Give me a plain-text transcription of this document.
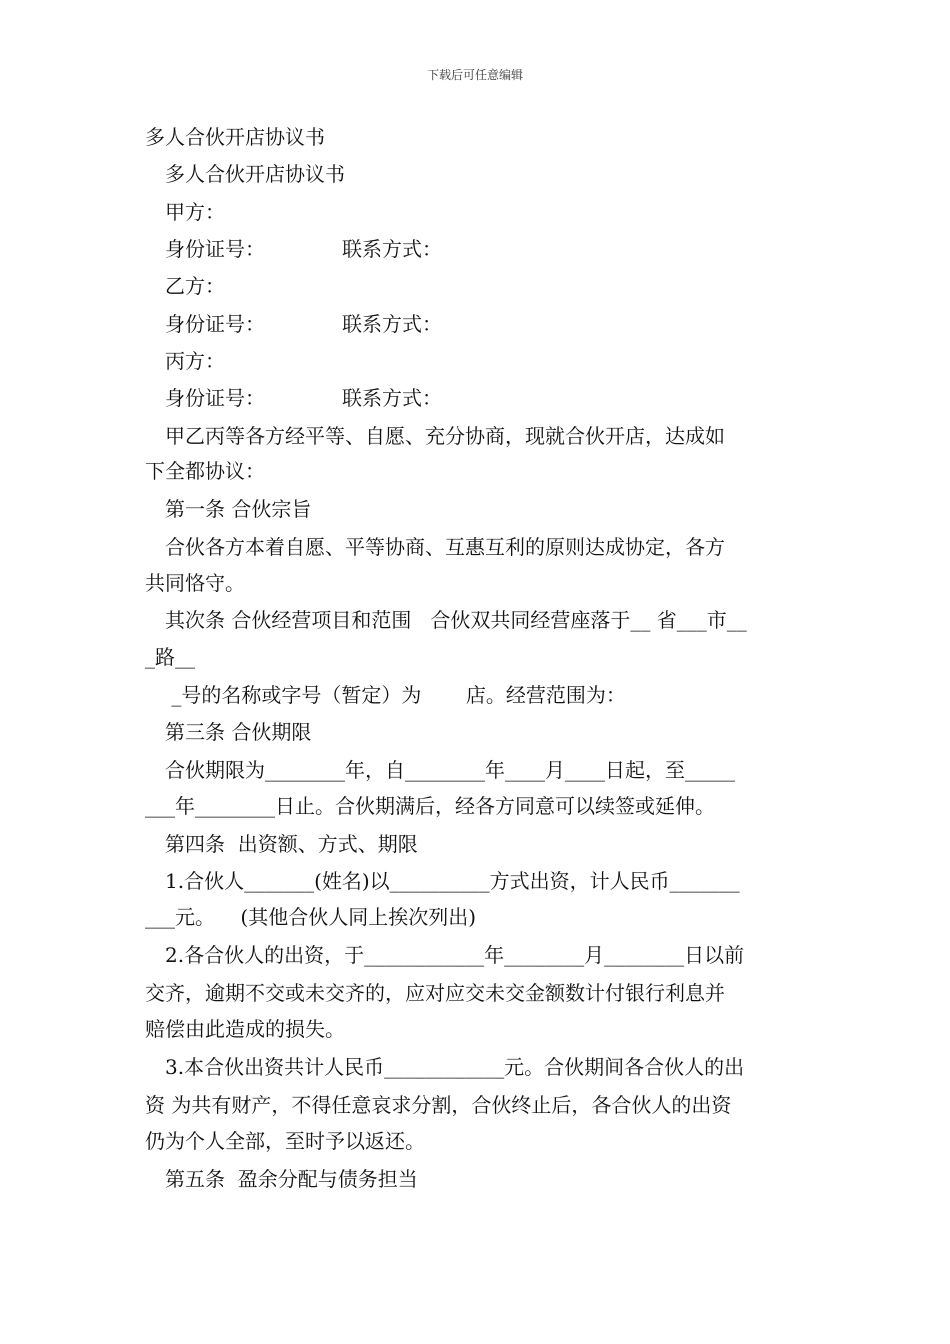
下载后可任意编辑
多人合伙开店协议书
多人合伙开店协议书
甲方：
身份证号：	联系方式：
乙方：
身份证号：	联系方式：
丙方：
身份证号：	联系方式：
甲乙丙等各方经平等、自愿、充分协商，现就合伙开店，达成如
下全都协议：
第一条 合伙宗旨
合伙各方本着自愿、平等协商、互惠互利的原则达成协定，各方
共同恪守。
其次条 合伙经营项目和范围   合伙双共同经营座落于__ 省___市__
_路__
_号的名称或字号（暂定）为       店。经营范围为：
第三条 合伙期限
合伙期限为________年，自________年____月____日起，至_____
___年________日止。合伙期满后，经各方同意可以续签或延伸。
第四条  出资额、方式、期限
1.合伙人_______(姓名)以__________方式出资，计人民币_______
___元。    (其他合伙人同上挨次列出)
2.各合伙人的出资，于____________年________月________日以前
交齐，逾期不交或未交齐的，应对应交未交金额数计付银行利息并
赔偿由此造成的损失。
3.本合伙出资共计人民币____________元。合伙期间各合伙人的出
资 为共有财产，不得任意哀求分割，合伙终止后，各合伙人的出资
仍为个人全部，至时予以返还。
第五条  盈余分配与债务担当
